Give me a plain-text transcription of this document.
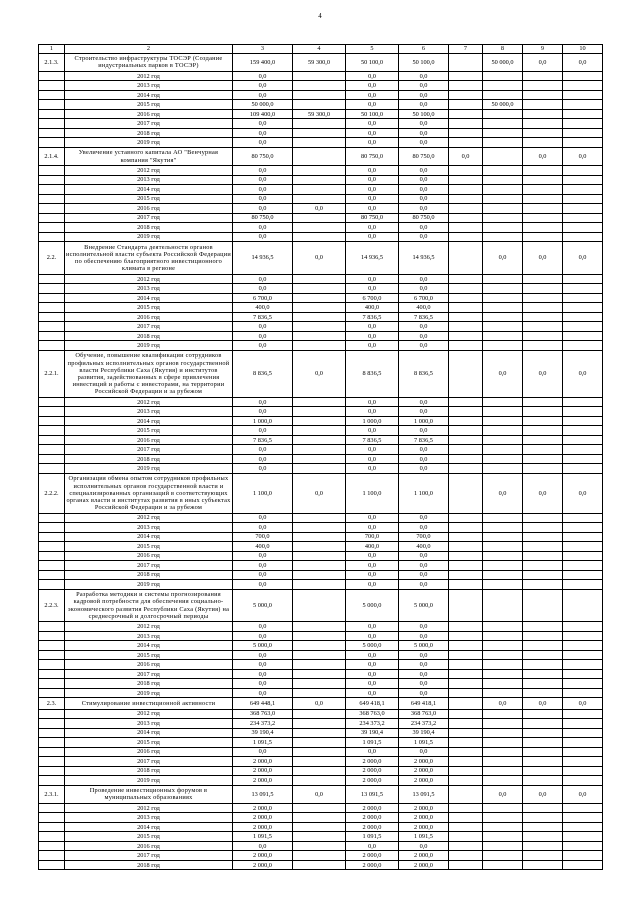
4
1	2	3	4	5	6	7	8	9	10
2.1.3.	Строительство инфраструктуры ТОСЭР (Создание индустриальных парков в ТОСЭР)	159 400,0	59 300,0	50 100,0	50 100,0		50 000,0	0,0	0,0
	2012 год	0,0		0,0	0,0				
	2013 год	0,0		0,0	0,0				
	2014 год	0,0		0,0	0,0				
	2015 год	50 000,0		0,0	0,0		50 000,0		
	2016 год	109 400,0	59 300,0	50 100,0	50 100,0				
	2017 год	0,0		0,0	0,0				
	2018 год	0,0		0,0	0,0				
	2019 год	0,0		0,0	0,0				
2.1.4.	Увеличение уставного капитала АО "Венчурная компания "Якутия"	80 750,0		80 750,0	80 750,0	0,0		0,0	0,0
	2012 год	0,0		0,0	0,0				
	2013 год	0,0		0,0	0,0				
	2014 год	0,0		0,0	0,0				
	2015 год	0,0		0,0	0,0				
	2016 год	0,0	0,0	0,0	0,0				
	2017 год	80 750,0		80 750,0	80 750,0				
	2018 год	0,0		0,0	0,0				
	2019 год	0,0		0,0	0,0				
2.2.	Внедрение Стандарта деятельности органов исполнительной власти субъекта Российской Федерации по обеспечению благоприятного инвестиционного климата в регионе	14 936,5	0,0	14 936,5	14 936,5		0,0	0,0	0,0
	2012 год	0,0		0,0	0,0				
	2013 год	0,0		0,0	0,0				
	2014 год	6 700,0		6 700,0	6 700,0				
	2015 год	400,0		400,0	400,0				
	2016 год	7 836,5		7 836,5	7 836,5				
	2017 год	0,0		0,0	0,0				
	2018 год	0,0		0,0	0,0				
	2019 год	0,0		0,0	0,0				
2.2.1.	Обучение, повышение квалификации сотрудников профильных исполнительных органов государственной власти Республики Саха (Якутия) и институтов развития, задействованных в сфере привлечения инвестиций и работы с инвесторами, на территории Российской Федерации и за рубежом	8 836,5	0,0	8 836,5	8 836,5		0,0	0,0	0,0
	2012 год	0,0		0,0	0,0				
	2013 год	0,0		0,0	0,0				
	2014 год	1 000,0		1 000,0	1 000,0				
	2015 год	0,0		0,0	0,0				
	2016 год	7 836,5		7 836,5	7 836,5				
	2017 год	0,0		0,0	0,0				
	2018 год	0,0		0,0	0,0				
	2019 год	0,0		0,0	0,0				
2.2.2.	Организация обмена опытом сотрудников профильных исполнительных органов государственной власти и специализированных организаций в соответствующих органах власти и институтах развития в иных субъектах Российской Федерации и за рубежом	1 100,0	0,0	1 100,0	1 100,0		0,0	0,0	0,0
	2012 год	0,0		0,0	0,0				
	2013 год	0,0		0,0	0,0				
	2014 год	700,0		700,0	700,0				
	2015 год	400,0		400,0	400,0				
	2016 год	0,0		0,0	0,0				
	2017 год	0,0		0,0	0,0				
	2018 год	0,0		0,0	0,0				
	2019 год	0,0		0,0	0,0				
2.2.3.	Разработка методики и системы прогнозирования кадровой потребности для обеспечения социально-экономического развития Республики Саха (Якутия) на среднесрочный и долгосрочный периоды	5 000,0		5 000,0	5 000,0				
	2012 год	0,0		0,0	0,0				
	2013 год	0,0		0,0	0,0				
	2014 год	5 000,0		5 000,0	5 000,0				
	2015 год	0,0		0,0	0,0				
	2016 год	0,0		0,0	0,0				
	2017 год	0,0		0,0	0,0				
	2018 год	0,0		0,0	0,0				
	2019 год	0,0		0,0	0,0				
2.3.	Стимулирование инвестиционной активности	649 448,1	0,0	649 418,1	649 418,1		0,0	0,0	0,0
	2012 год	368 763,0		368 763,0	368 763,0				
	2013 год	234 373,2		234 373,2	234 373,2				
	2014 год	39 190,4		39 190,4	39 190,4				
	2015 год	1 091,5		1 091,5	1 091,5				
	2016 год	0,0		0,0	0,0				
	2017 год	2 000,0		2 000,0	2 000,0				
	2018 год	2 000,0		2 000,0	2 000,0				
	2019 год	2 000,0		2 000,0	2 000,0				
2.3.1.	Проведение инвестиционных форумов в муниципальных образованиях	13 091,5	0,0	13 091,5	13 091,5		0,0	0,0	0,0
	2012 год	2 000,0		2 000,0	2 000,0				
	2013 год	2 000,0		2 000,0	2 000,0				
	2014 год	2 000,0		2 000,0	2 000,0				
	2015 год	1 091,5		1 091,5	1 091,5				
	2016 год	0,0		0,0	0,0				
	2017 год	2 000,0		2 000,0	2 000,0				
	2018 год	2 000,0		2 000,0	2 000,0				
